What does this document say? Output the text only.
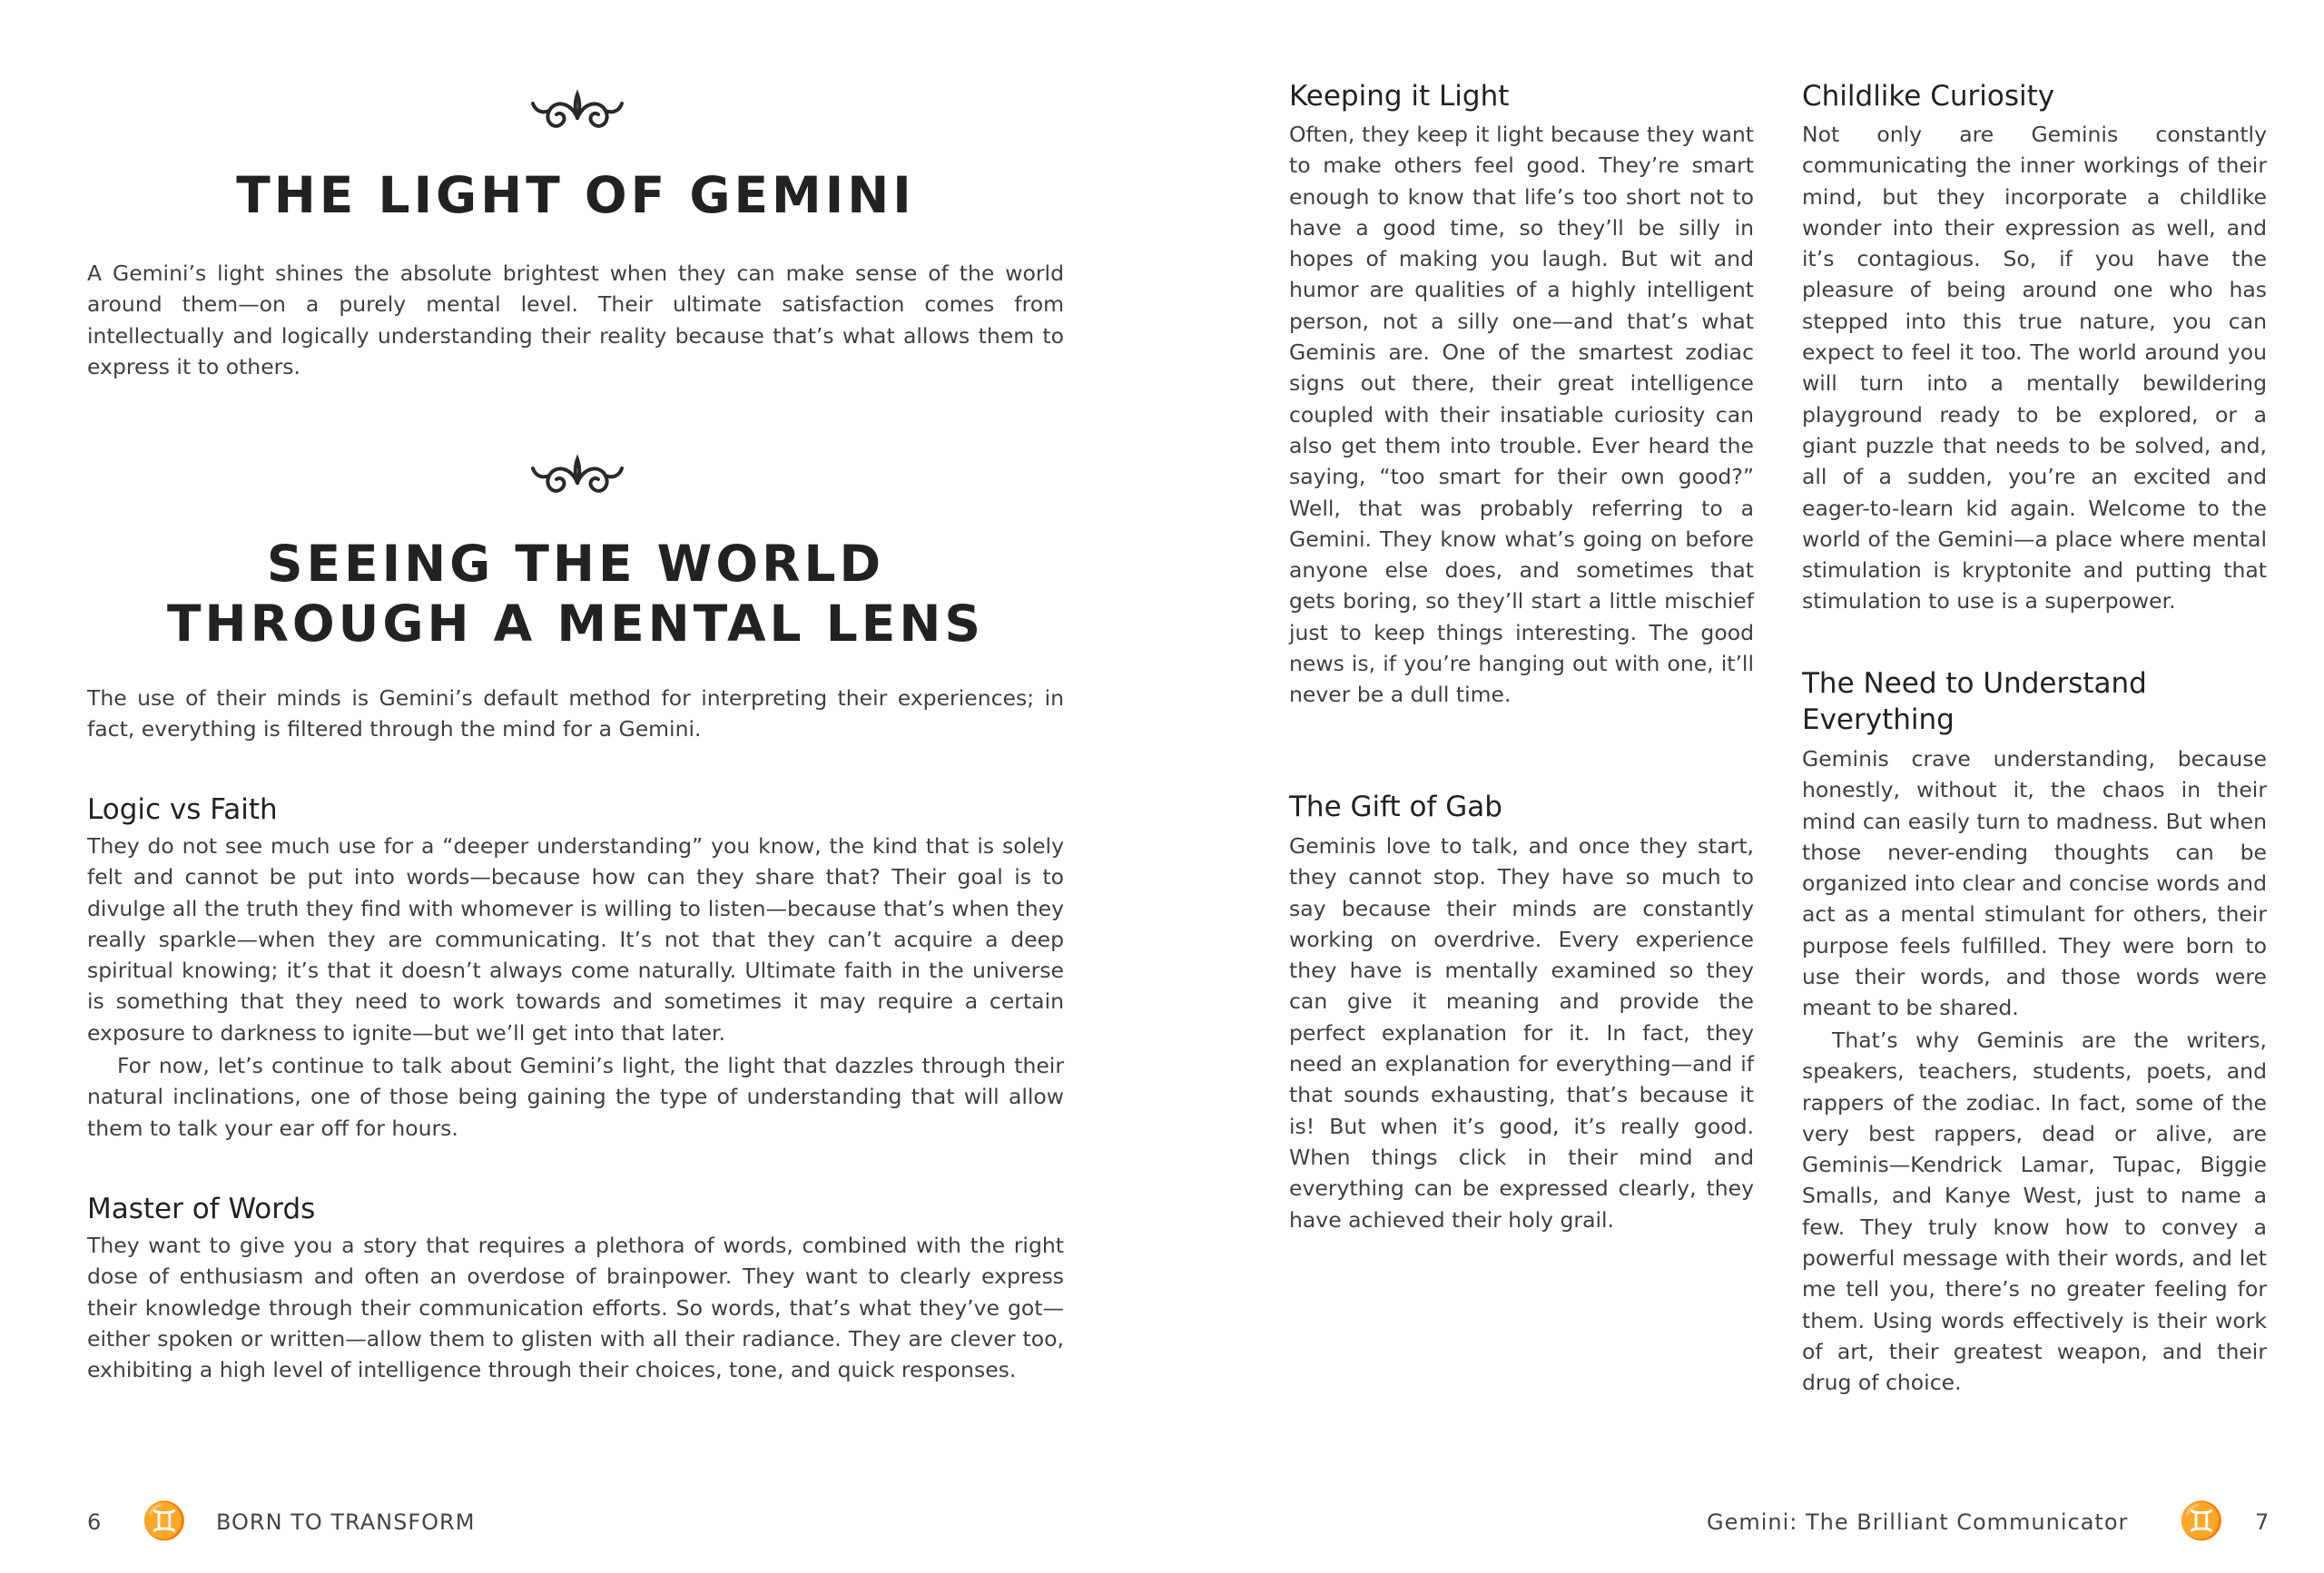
THE LIGHT OF GEMINI

A Gemini’s light shines the absolute brightest when they can make sense of the world around them—on a purely mental level. Their ultimate satisfaction comes from intellectually and logically understanding their reality because that’s what allows them to express it to others.

SEEING THE WORLD
THROUGH A MENTAL LENS

The use of their minds is Gemini’s default method for interpreting their experiences; in fact, everything is filtered through the mind for a Gemini.

Logic vs Faith

They do not see much use for a “deeper understanding” you know, the kind that is solely felt and cannot be put into words—because how can they share that? Their goal is to divulge all the truth they find with whomever is willing to listen—because that’s when they really sparkle—when they are communicating. It’s not that they can’t acquire a deep spiritual knowing; it’s that it doesn’t always come naturally. Ultimate faith in the universe is something that they need to work towards and sometimes it may require a certain exposure to darkness to ignite—but we’ll get into that later.

For now, let’s continue to talk about Gemini’s light, the light that dazzles through their natural inclinations, one of those being gaining the type of understanding that will allow them to talk your ear off for hours.

Master of Words

They want to give you a story that requires a plethora of words, combined with the right dose of enthusiasm and often an overdose of brainpower. They want to clearly express their knowledge through their communication efforts. So words, that’s what they’ve got—either spoken or written—allow them to glisten with all their radiance. They are clever too, exhibiting a high level of intelligence through their choices, tone, and quick responses.

6 ♊ BORN TO TRANSFORM
Keeping it Light

Often, they keep it light because they want to make others feel good. They’re smart enough to know that life’s too short not to have a good time, so they’ll be silly in hopes of making you laugh. But wit and humor are qualities of a highly intelligent person, not a silly one—and that’s what Geminis are. One of the smartest zodiac signs out there, their great intelligence coupled with their insatiable curiosity can also get them into trouble. Ever heard the saying, “too smart for their own good?” Well, that was probably referring to a Gemini. They know what’s going on before anyone else does, and sometimes that gets boring, so they’ll start a little mischief just to keep things interesting. The good news is, if you’re hanging out with one, it’ll never be a dull time.

The Gift of Gab

Geminis love to talk, and once they start, they cannot stop. They have so much to say because their minds are constantly working on overdrive. Every experience they have is mentally examined so they can give it meaning and provide the perfect explanation for it. In fact, they need an explanation for everything—and if that sounds exhausting, that’s because it is! But when it’s good, it’s really good. When things click in their mind and everything can be expressed clearly, they have achieved their holy grail.

Childlike Curiosity

Not only are Geminis constantly communicating the inner workings of their mind, but they incorporate a childlike wonder into their expression as well, and it’s contagious. So, if you have the pleasure of being around one who has stepped into this true nature, you can expect to feel it too. The world around you will turn into a mentally bewildering playground ready to be explored, or a giant puzzle that needs to be solved, and, all of a sudden, you’re an excited and eager-to-learn kid again. Welcome to the world of the Gemini—a place where mental stimulation is kryptonite and putting that stimulation to use is a superpower.

The Need to Understand
Everything

Geminis crave understanding, because honestly, without it, the chaos in their mind can easily turn to madness. But when those never-ending thoughts can be organized into clear and concise words and act as a mental stimulant for others, their purpose feels fulfilled. They were born to use their words, and those words were meant to be shared.

That’s why Geminis are the writers, speakers, teachers, students, poets, and rappers of the zodiac. In fact, some of the very best rappers, dead or alive, are Geminis—Kendrick Lamar, Tupac, Biggie Smalls, and Kanye West, just to name a few. They truly know how to convey a powerful message with their words, and let me tell you, there’s no greater feeling for them. Using words effectively is their work of art, their greatest weapon, and their drug of choice.

Gemini: The Brilliant Communicator ♊ 7
